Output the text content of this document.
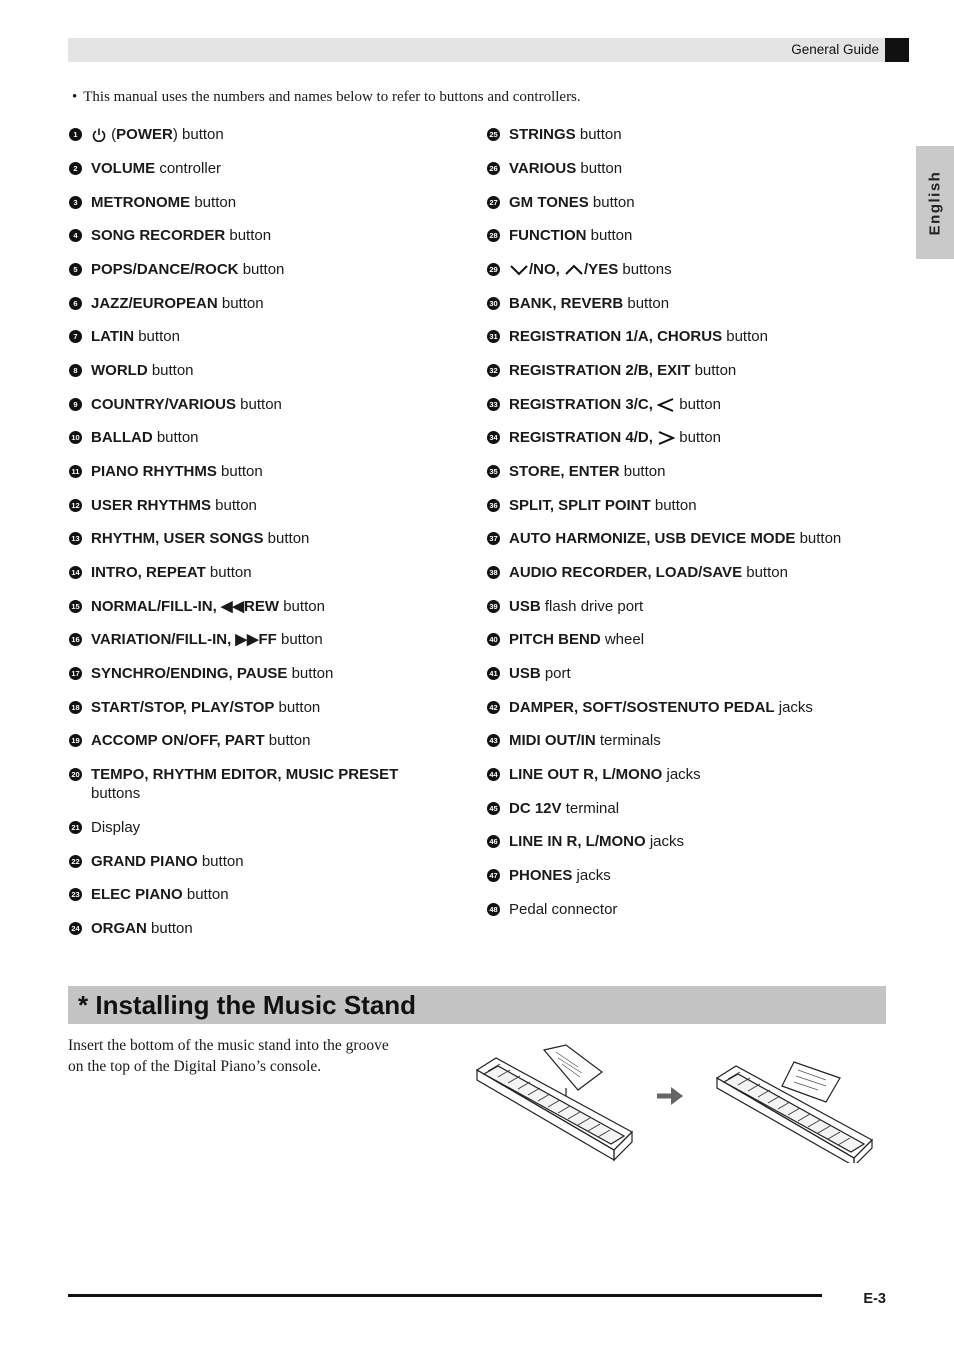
General Guide
English
• This manual uses the numbers and names below to refer to buttons and controllers.
1	(POWER) button
2 VOLUME controller
3 METRONOME button
4 SONG RECORDER button
5 POPS/DANCE/ROCK button
6 JAZZ/EUROPEAN button
7 LATIN button
8 WORLD button
9 COUNTRY/VARIOUS button
10 BALLAD button
11 PIANO RHYTHMS button
12 USER RHYTHMS button
13 RHYTHM, USER SONGS button
14 INTRO, REPEAT button
15 NORMAL/FILL-IN, ◀◀REW button
16 VARIATION/FILL-IN, ▶▶FF button
17 SYNCHRO/ENDING, PAUSE button
18 START/STOP, PLAY/STOP button
19 ACCOMP ON/OFF, PART button
20 TEMPO, RHYTHM EDITOR, MUSIC PRESET
buttons
21 Display
22 GRAND PIANO button
23 ELEC PIANO button
24 ORGAN button
25 STRINGS button
26 VARIOUS button
27 GM TONES button
28 FUNCTION button
29	/NO, /YES buttons
30 BANK, REVERB button
31 REGISTRATION 1/A, CHORUS button
32 REGISTRATION 2/B, EXIT button
33 REGISTRATION 3/C,  button
34 REGISTRATION 4/D,  button
35 STORE, ENTER button
36 SPLIT, SPLIT POINT button
37 AUTO HARMONIZE, USB DEVICE MODE button
38 AUDIO RECORDER, LOAD/SAVE button
39 USB flash drive port
40 PITCH BEND wheel
41 USB port
42 DAMPER, SOFT/SOSTENUTO PEDAL jacks
43 MIDI OUT/IN terminals
44 LINE OUT R, L/MONO jacks
45 DC 12V terminal
46 LINE IN R, L/MONO jacks
47 PHONES jacks
48 Pedal connector
* Installing the Music Stand
Insert the bottom of the music stand into the groove on the top of the Digital Piano’s console.
E-3
